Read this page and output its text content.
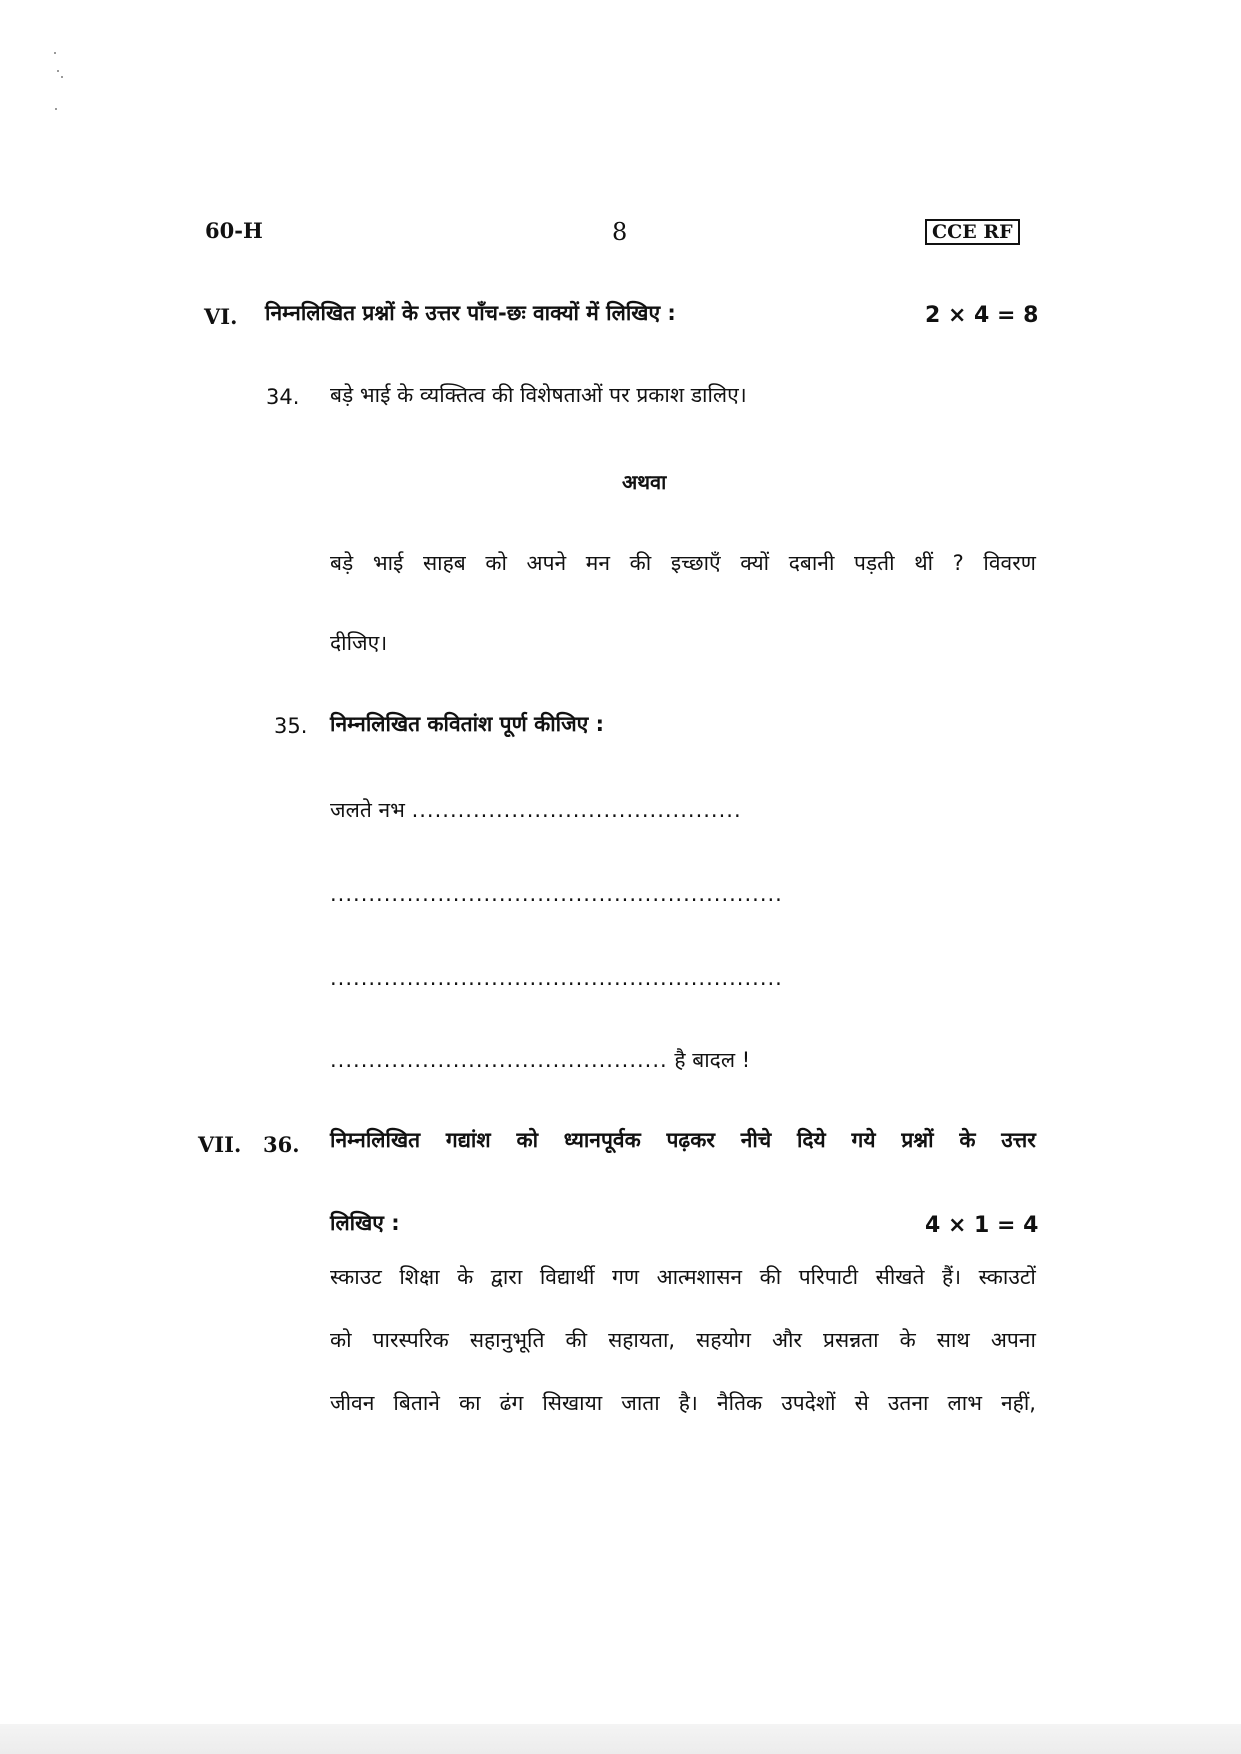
60-H	8	CCE RF
VI. निम्नलिखित प्रश्नों के उत्तर पाँच-छः वाक्यों में लिखिए :	2 × 4 = 8
34. बड़े भाई के व्यक्तित्व की विशेषताओं पर प्रकाश डालिए।
अथवा
बड़े भाई साहब को अपने मन की इच्छाएँ क्यों दबानी पड़ती थीं ? विवरण
दीजिए।
35. निम्नलिखित कवितांश पूर्ण कीजिए :
जलते नभ ...........................................
...........................................................
...........................................................
............................................ है बादल !
VII. 36. निम्नलिखित गद्यांश को ध्यानपूर्वक पढ़कर नीचे दिये गये प्रश्नों के उत्तर
लिखिए :	4 × 1 = 4
स्काउट शिक्षा के द्वारा विद्यार्थी गण आत्मशासन की परिपाटी सीखते हैं। स्काउटों
को पारस्परिक सहानुभूति की सहायता, सहयोग और प्रसन्नता के साथ अपना
जीवन बिताने का ढंग सिखाया जाता है। नैतिक उपदेशों से उतना लाभ नहीं,
